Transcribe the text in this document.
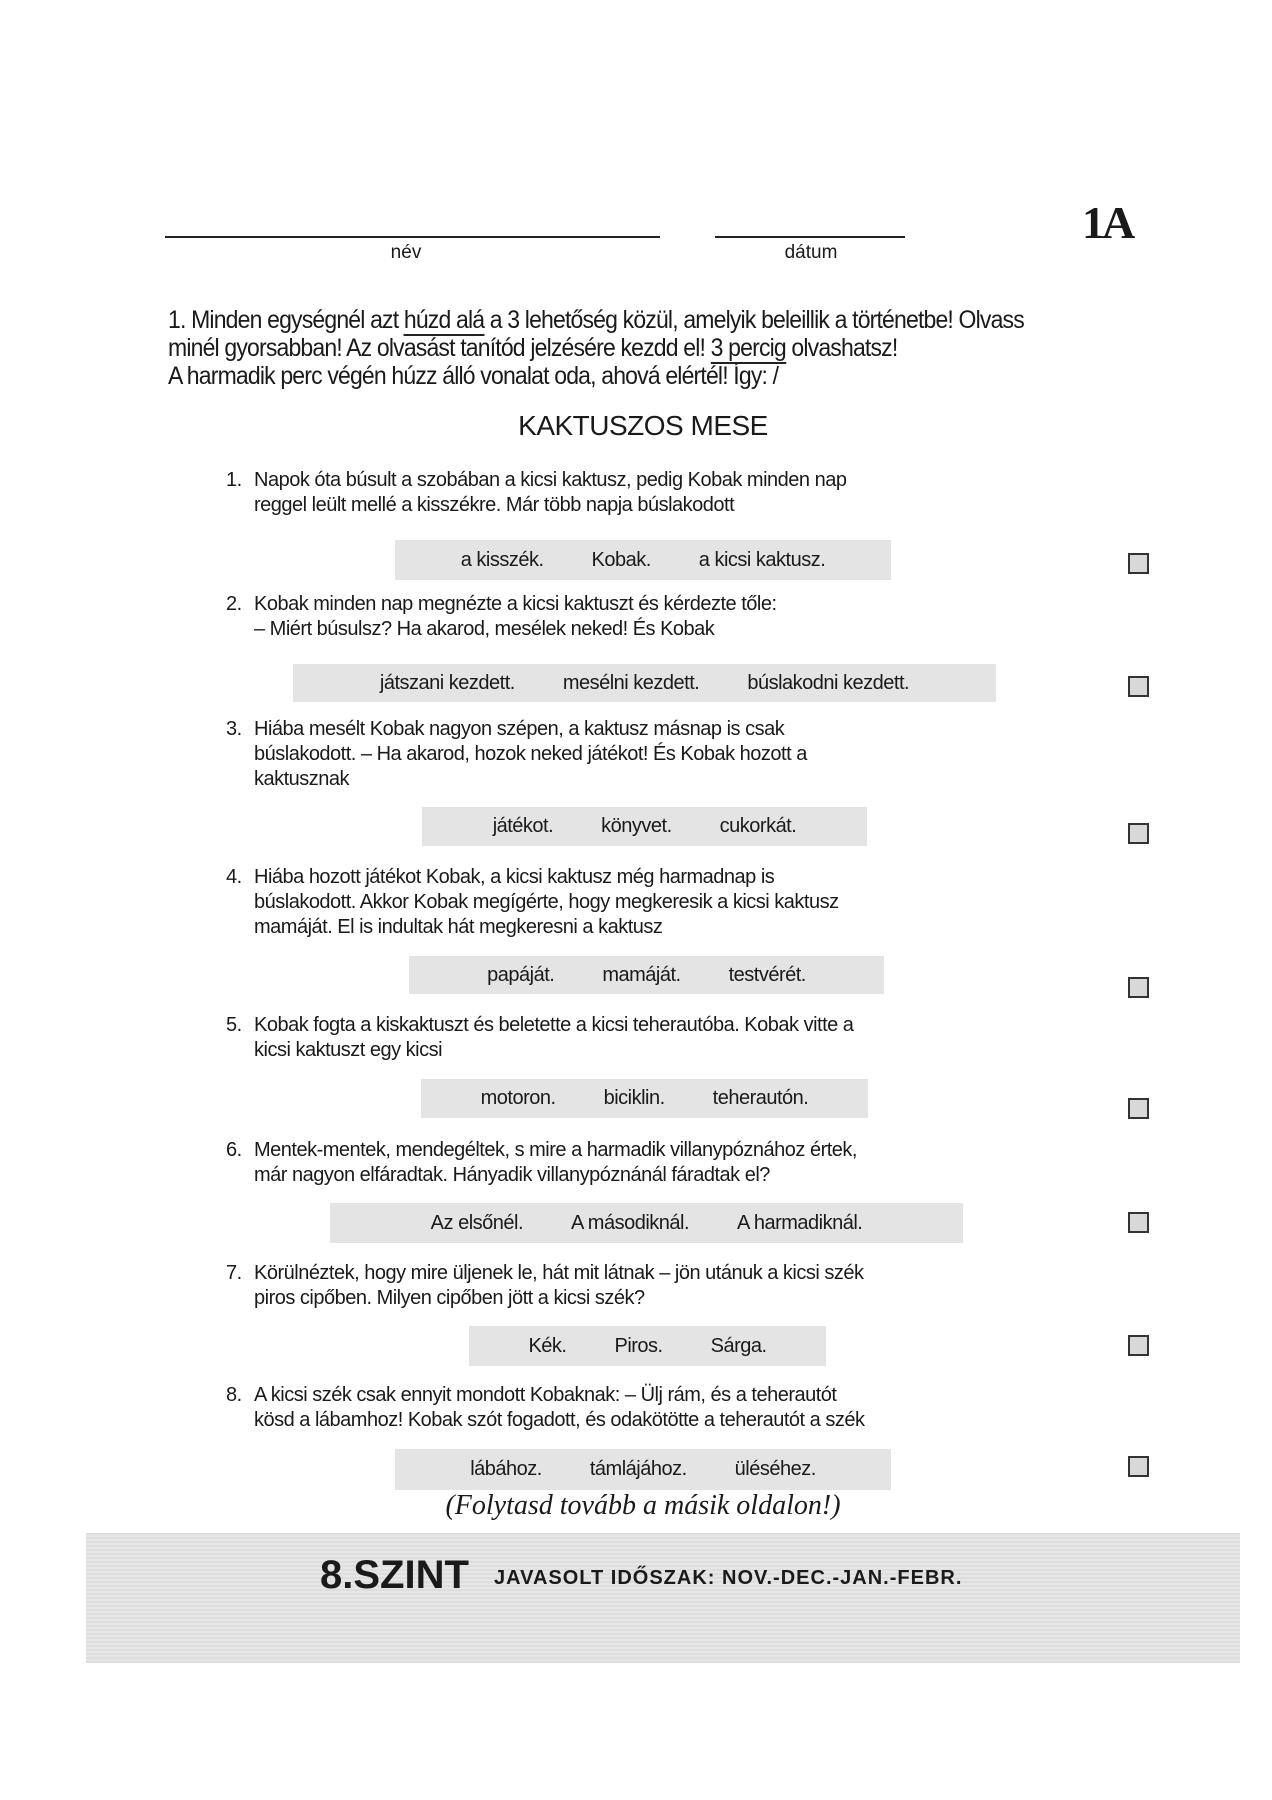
név	dátum
1A
1. Minden egységnél azt húzd alá a 3 lehetőség közül, amelyik beleillik a történetbe! Olvass
minél gyorsabban! Az olvasást tanítód jelzésére kezdd el! 3 percig olvashatsz!
A harmadik perc végén húzz álló vonalat oda, ahová elértél! Így: /
KAKTUSZOS MESE
1. Napok óta búsult a szobában a kicsi kaktusz, pedig Kobak minden nap
reggel leült mellé a kisszékre. Már több napja búslakodott
a kisszék. Kobak. a kicsi kaktusz.
2. Kobak minden nap megnézte a kicsi kaktuszt és kérdezte tőle:
– Miért búsulsz? Ha akarod, mesélek neked! És Kobak
játszani kezdett. mesélni kezdett. búslakodni kezdett.
3. Hiába mesélt Kobak nagyon szépen, a kaktusz másnap is csak
búslakodott. – Ha akarod, hozok neked játékot! És Kobak hozott a
kaktusznak
játékot. könyvet. cukorkát.
4. Hiába hozott játékot Kobak, a kicsi kaktusz még harmadnap is
búslakodott. Akkor Kobak megígérte, hogy megkeresik a kicsi kaktusz
mamáját. El is indultak hát megkeresni a kaktusz
papáját. mamáját. testvérét.
5. Kobak fogta a kiskaktuszt és beletette a kicsi teherautóba. Kobak vitte a
kicsi kaktuszt egy kicsi
motoron. biciklin. teherautón.
6. Mentek-mentek, mendegéltek, s mire a harmadik villanypóznához értek,
már nagyon elfáradtak. Hányadik villanypóznánál fáradtak el?
Az elsőnél. A másodiknál. A harmadiknál.
7. Körülnéztek, hogy mire üljenek le, hát mit látnak – jön utánuk a kicsi szék
piros cipőben. Milyen cipőben jött a kicsi szék?
Kék. Piros. Sárga.
8. A kicsi szék csak ennyit mondott Kobaknak: – Ülj rám, és a teherautót
kösd a lábamhoz! Kobak szót fogadott, és odakötötte a teherautót a szék
lábához. támlájához. üléséhez.
(Folytasd tovább a másik oldalon!)
8.SZINT JAVASOLT IDŐSZAK: NOV.-DEC.-JAN.-FEBR.
